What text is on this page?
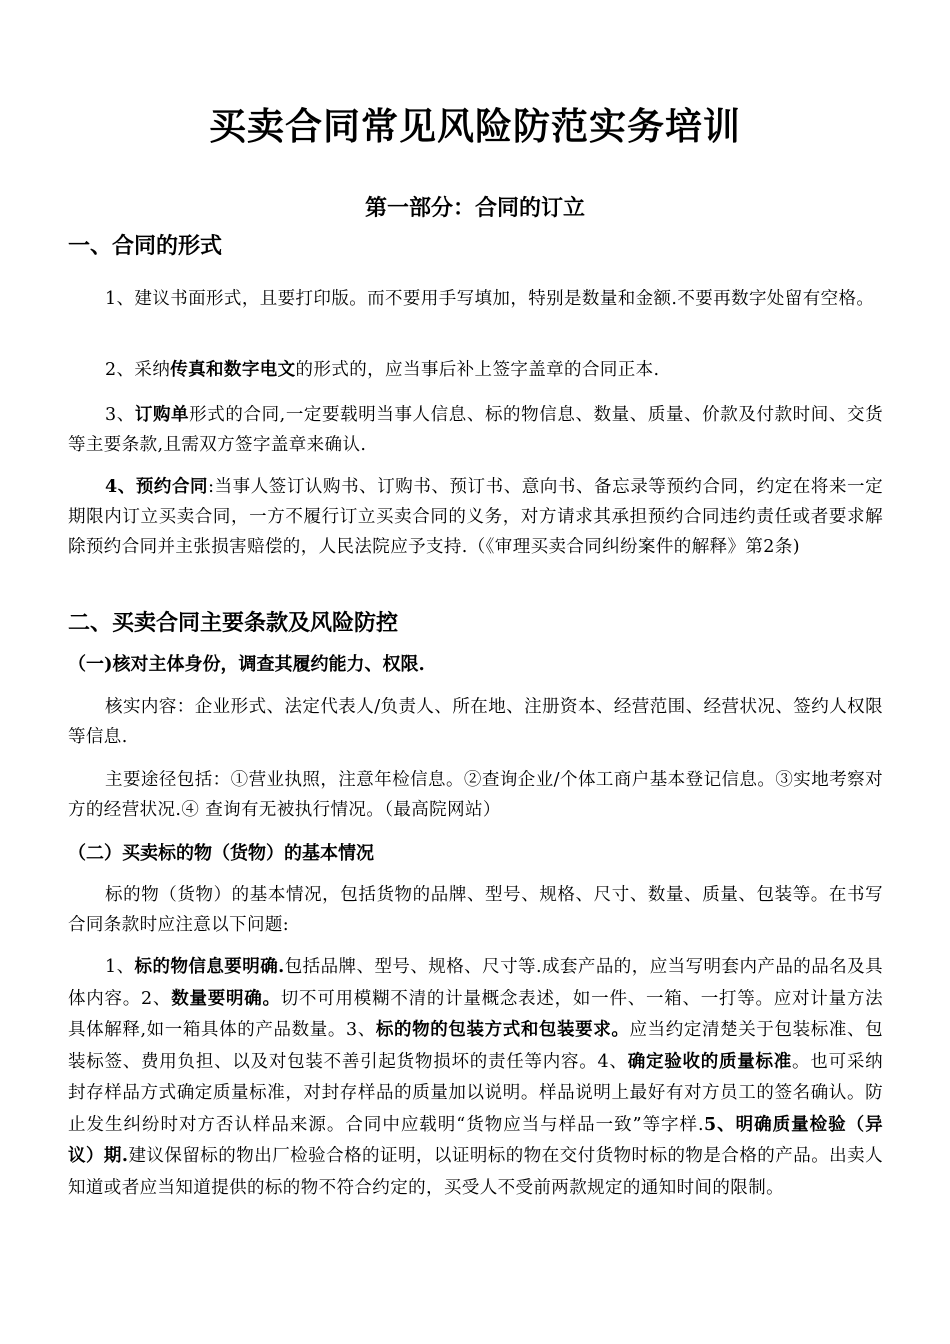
买卖合同常见风险防范实务培训
第一部分：合同的订立
一、合同的形式
1、建议书面形式，且要打印版。而不要用手写填加，特别是数量和金额.不要再数字处留有空格。
2、采纳传真和数字电文的形式的，应当事后补上签字盖章的合同正本.
3、订购单形式的合同,一定要载明当事人信息、标的物信息、数量、质量、价款及付款时间、交货等主要条款,且需双方签字盖章来确认.
4、预约合同:当事人签订认购书、订购书、预订书、意向书、备忘录等预约合同，约定在将来一定期限内订立买卖合同，一方不履行订立买卖合同的义务，对方请求其承担预约合同违约责任或者要求解除预约合同并主张损害赔偿的，人民法院应予支持.（《审理买卖合同纠纷案件的解释》第2条)
二、买卖合同主要条款及风险防控
（一)核对主体身份，调查其履约能力、权限.
核实内容：企业形式、法定代表人/负责人、所在地、注册资本、经营范围、经营状况、签约人权限等信息.
主要途径包括：①营业执照，注意年检信息。②查询企业/个体工商户基本登记信息。③实地考察对方的经营状况.④ 查询有无被执行情况。（最高院网站）
（二）买卖标的物（货物）的基本情况
标的物（货物）的基本情况，包括货物的品牌、型号、规格、尺寸、数量、质量、包装等。在书写合同条款时应注意以下问题:
1、标的物信息要明确.包括品牌、型号、规格、尺寸等.成套产品的，应当写明套内产品的品名及具体内容。2、数量要明确。切不可用模糊不清的计量概念表述，如一件、一箱、一打等。应对计量方法具体解释,如一箱具体的产品数量。3、标的物的包装方式和包装要求。应当约定清楚关于包装标准、包装标签、费用负担、以及对包装不善引起货物损坏的责任等内容。4、确定验收的质量标准。也可采纳封存样品方式确定质量标准，对封存样品的质量加以说明。样品说明上最好有对方员工的签名确认。防止发生纠纷时对方否认样品来源。合同中应载明“货物应当与样品一致”等字样.5、明确质量检验（异议）期.建议保留标的物出厂检验合格的证明，以证明标的物在交付货物时标的物是合格的产品。出卖人知道或者应当知道提供的标的物不符合约定的，买受人不受前两款规定的通知时间的限制。
